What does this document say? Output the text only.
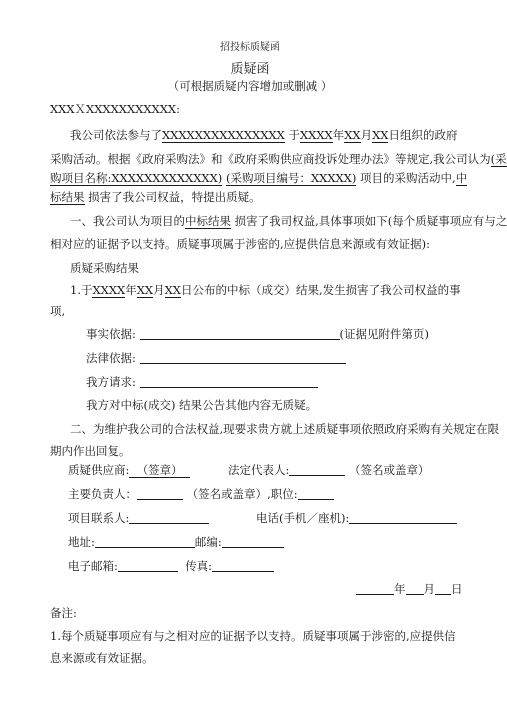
招投标质疑函
质疑函
（可根据质疑内容增加或删减 ）
XXXＸXXXXXXXXXXX:
我公司依法参与了XXXXXXXXXXXXXXX 于XXXX年XX月XX日组织的政府
采购活动。根据《政府采购法》和《政府采购供应商投诉处理办法》等规定,我公司认为(采
购项目名称:XXXXXXXXXXXXX) (采购项目编号：XXXXX) 项目的采购活动中,中
标结果 损害了我公司权益，特提出质疑。
一、我公司认为项目的中标结果 损害了我司权益,具体事项如下(每个质疑事项应有与之
相对应的证据予以支持。质疑事项属于涉密的,应提供信息来源或有效证据):
质疑采购结果
1.于XXXX年XX月XX日公布的中标（成交）结果,发生损害了我公司权益的事
项,
事实依据:	(证据见附件第页)
法律依据:
我方请求:
我方对中标(成交) 结果公告其他内容无质疑。
二、为维护我公司的合法权益,现要求贵方就上述质疑事项依照政府采购有关规定在限
期内作出回复。
质疑供应商: （签章）	法定代表人:	（签名或盖章）
主要负责人：	（签名或盖章）,职位:
项目联系人:	电话(手机／座机):
地址:	邮编:
电子邮箱:	传真:
年 月 日
备注:
1.每个质疑事项应有与之相对应的证据予以支持。质疑事项属于涉密的,应提供信
息来源或有效证据。
